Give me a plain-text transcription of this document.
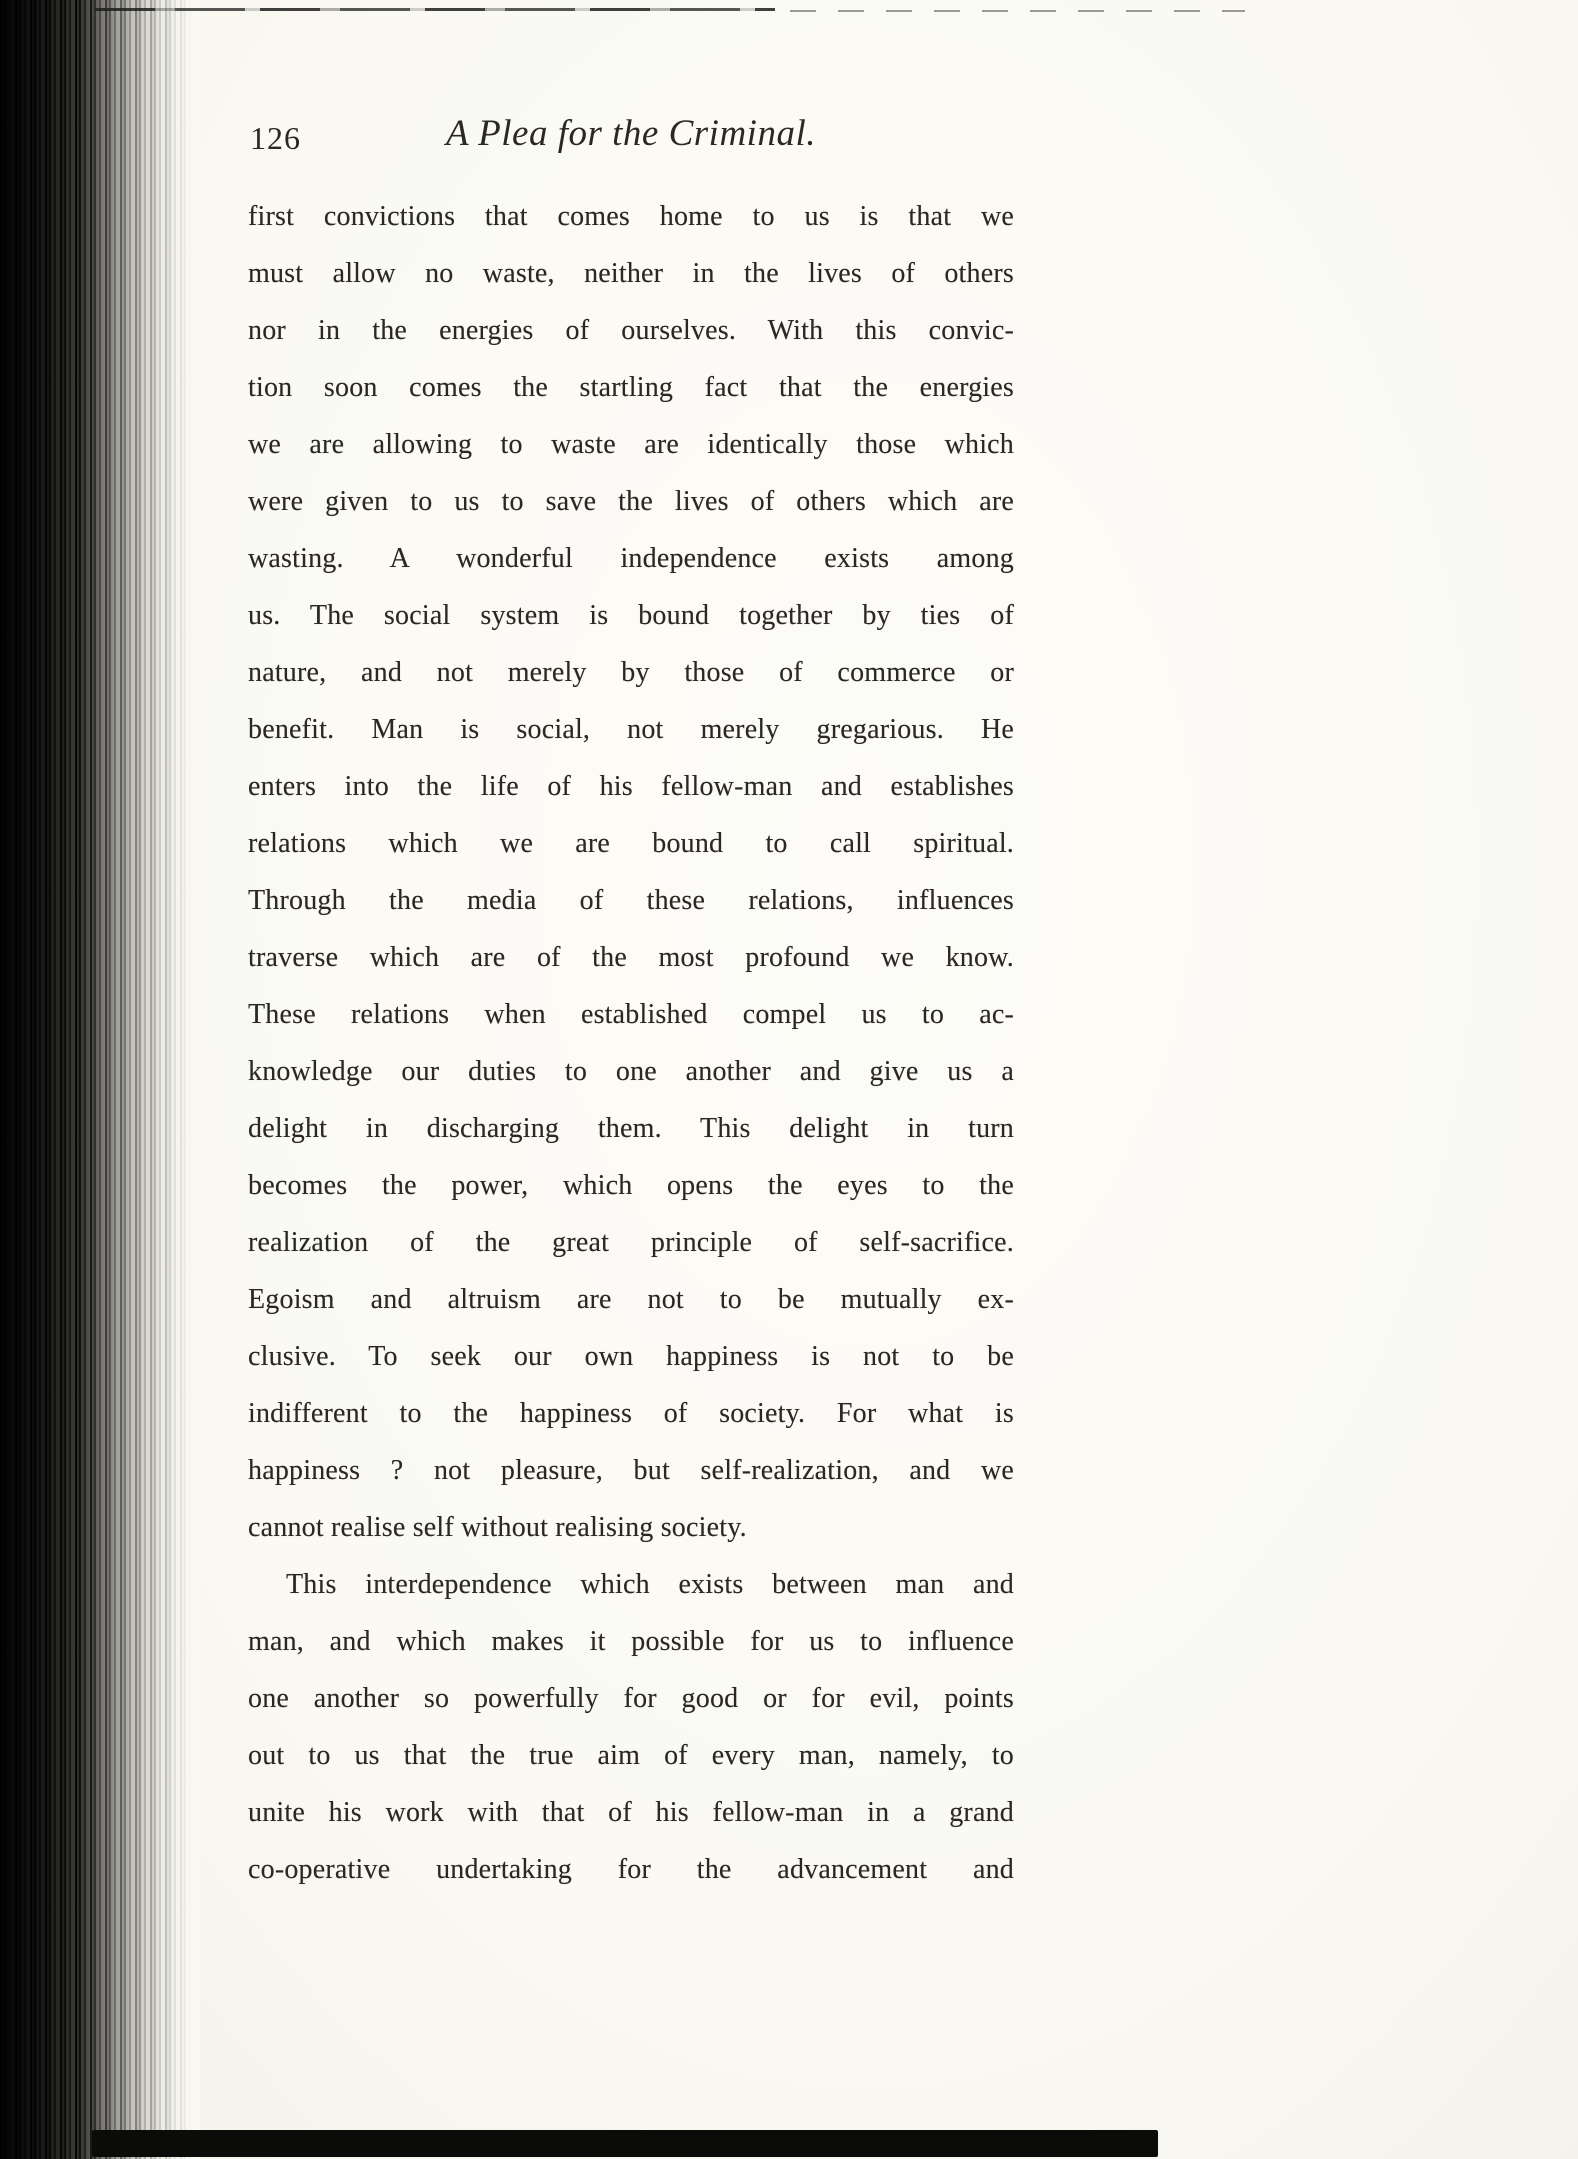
126	A Plea for the Criminal.
first convictions that comes home to us is that we
must allow no waste, neither in the lives of others
nor in the energies of ourselves. With this convic-
tion soon comes the startling fact that the energies
we are allowing to waste are identically those which
were given to us to save the lives of others which are
wasting. A wonderful independence exists among
us. The social system is bound together by ties of
nature, and not merely by those of commerce or
benefit. Man is social, not merely gregarious. He
enters into the life of his fellow-man and establishes
relations which we are bound to call spiritual.
Through the media of these relations, influences
traverse which are of the most profound we know.
These relations when established compel us to ac-
knowledge our duties to one another and give us a
delight in discharging them. This delight in turn
becomes the power, which opens the eyes to the
realization of the great principle of self-sacrifice.
Egoism and altruism are not to be mutually ex-
clusive. To seek our own happiness is not to be
indifferent to the happiness of society. For what is
happiness ? not pleasure, but self-realization, and we
cannot realise self without realising society.
This interdependence which exists between man and
man, and which makes it possible for us to influence
one another so powerfully for good or for evil, points
out to us that the true aim of every man, namely, to
unite his work with that of his fellow-man in a grand
co-operative undertaking for the advancement and
